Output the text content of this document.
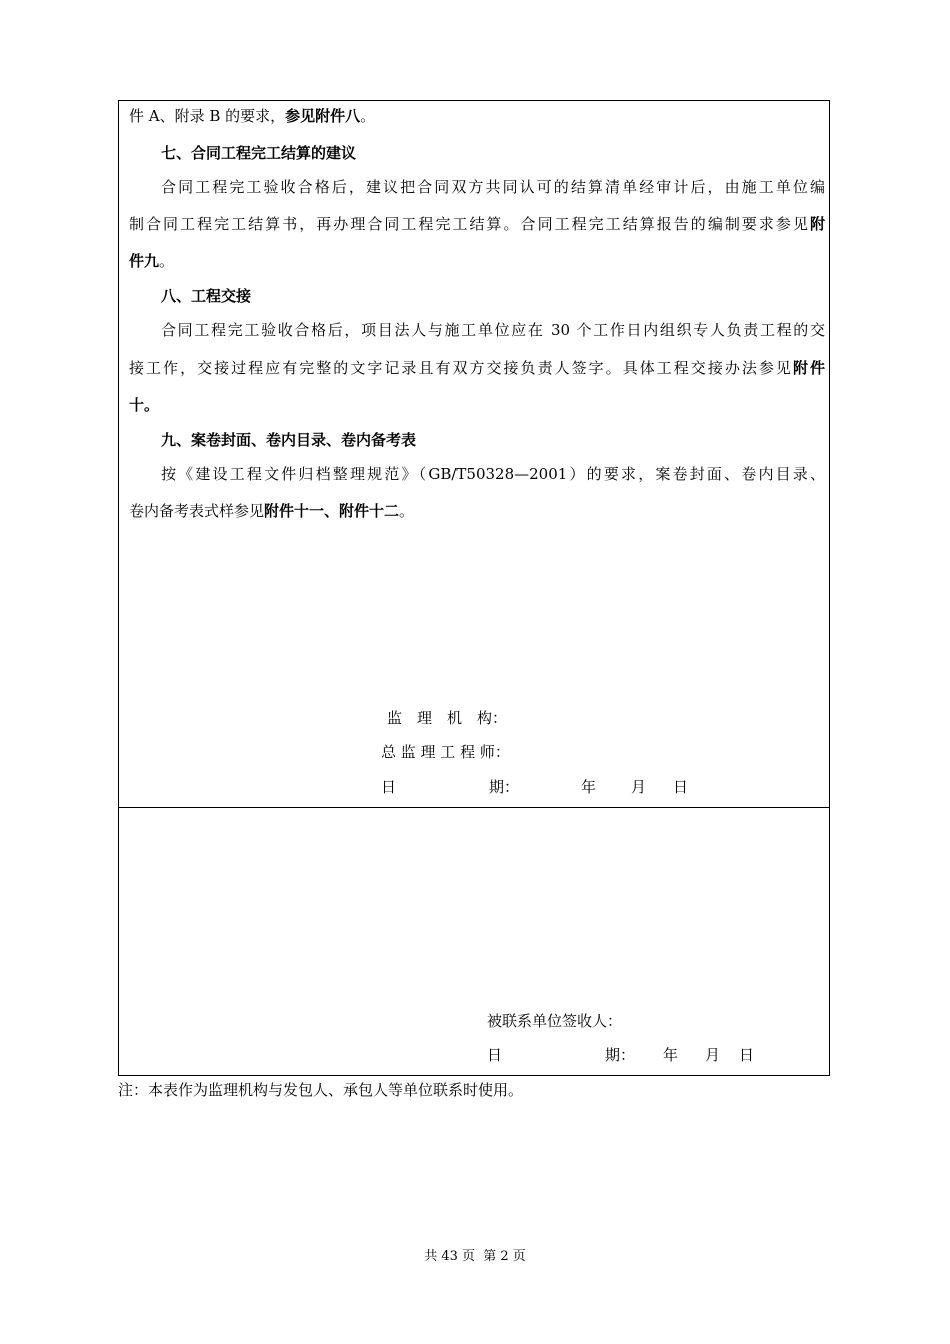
件 A、附录 B 的要求，参见附件八。
七、合同工程完工结算的建议
合同工程完工验收合格后，建议把合同双方共同认可的结算清单经审计后，由施工单位编
制合同工程完工结算书，再办理合同工程完工结算。合同工程完工结算报告的编制要求参见附
件九。
八、工程交接
合同工程完工验收合格后，项目法人与施工单位应在 30 个工作日内组织专人负责工程的交
接工作，交接过程应有完整的文字记录且有双方交接负责人签字。具体工程交接办法参见附件
十。
九、案卷封面、卷内目录、卷内备考表
按《建设工程文件归档整理规范》（GB/T50328—2001）的要求，案卷封面、卷内目录、
卷内备考表式样参见附件十一、附件十二。
监　理　机　构：
总 监 理 工 程 师：
日	期：	年 月 日
被联系单位签收人：
日	期： 年 月 日
注：本表作为监理机构与发包人、承包人等单位联系时使用。
共 43 页 第 2 页
